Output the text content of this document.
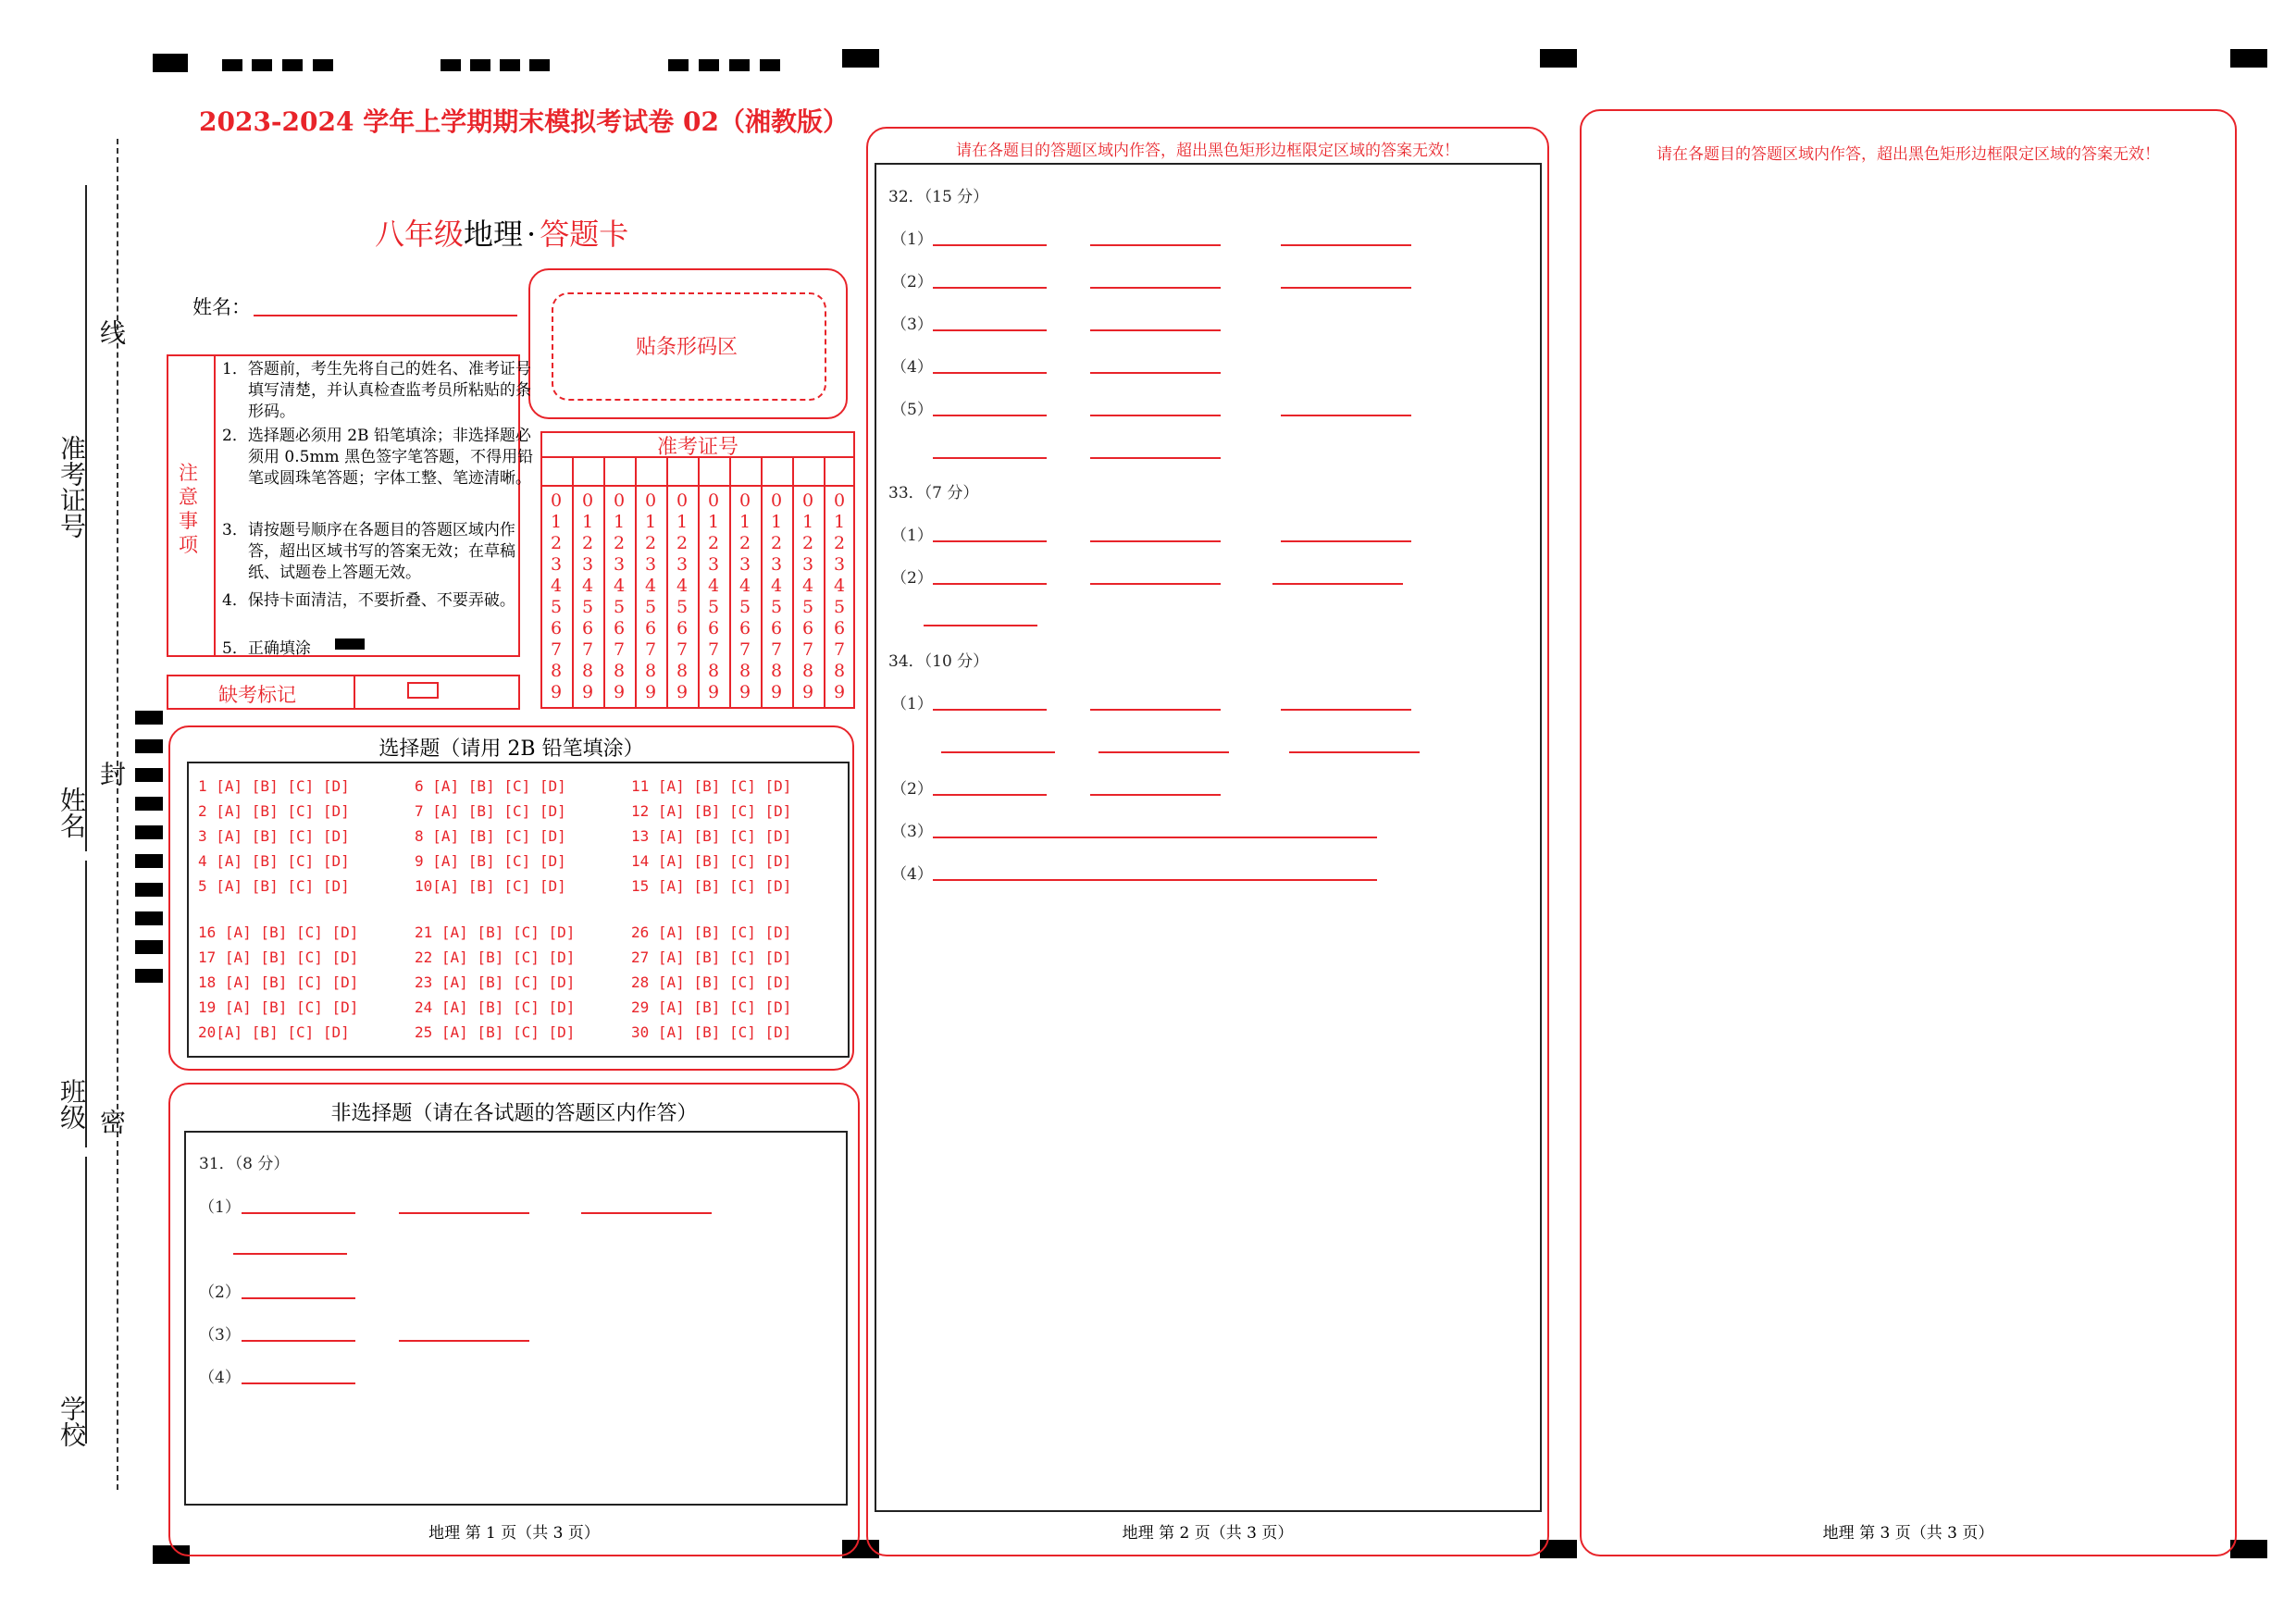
线
封
密
准考证号
姓名
班级
学校
2023-2024 学年上学期期末模拟考试卷 02（湘教版）
八年级地理 · 答题卡
姓名：
贴条形码区
注意事项
1．答题前，考生先将自己的姓名、准考证号填写清楚，并认真检查监考员所粘贴的条形码。
2．选择题必须用 2B 铅笔填涂；非选择题必须用 0.5mm 黑色签字笔答题，不得用铅笔或圆珠笔答题；字体工整、笔迹清晰。
3．请按题号顺序在各题目的答题区域内作答，超出区域书写的答案无效；在草稿纸、试题卷上答题无效。
4．保持卡面清洁，不要折叠、不要弄破。
5．正确填涂
缺考标记
准考证号
0
1
2
3
4
5
6
7
8
9
0
1
2
3
4
5
6
7
8
9
0
1
2
3
4
5
6
7
8
9
0
1
2
3
4
5
6
7
8
9
0
1
2
3
4
5
6
7
8
9
0
1
2
3
4
5
6
7
8
9
0
1
2
3
4
5
6
7
8
9
0
1
2
3
4
5
6
7
8
9
0
1
2
3
4
5
6
7
8
9
0
1
2
3
4
5
6
7
8
9
选择题（请用 2B 铅笔填涂）
1 [A] [B] [C] [D]
2 [A] [B] [C] [D]
3 [A] [B] [C] [D]
4 [A] [B] [C] [D]
5 [A] [B] [C] [D]
6 [A] [B] [C] [D]
7 [A] [B] [C] [D]
8 [A] [B] [C] [D]
9 [A] [B] [C] [D]
10[A] [B] [C] [D]
11 [A] [B] [C] [D]
12 [A] [B] [C] [D]
13 [A] [B] [C] [D]
14 [A] [B] [C] [D]
15 [A] [B] [C] [D]
16 [A] [B] [C] [D]
17 [A] [B] [C] [D]
18 [A] [B] [C] [D]
19 [A] [B] [C] [D]
20[A] [B] [C] [D]
21 [A] [B] [C] [D]
22 [A] [B] [C] [D]
23 [A] [B] [C] [D]
24 [A] [B] [C] [D]
25 [A] [B] [C] [D]
26 [A] [B] [C] [D]
27 [A] [B] [C] [D]
28 [A] [B] [C] [D]
29 [A] [B] [C] [D]
30 [A] [B] [C] [D]
非选择题（请在各试题的答题区内作答）
31．（8 分）
（1）
（2）
（3）
（4）
地理 第 1 页（共 3 页）
请在各题目的答题区域内作答，超出黑色矩形边框限定区域的答案无效！
32．（15 分）
（1）
（2）
（3）
（4）
（5）
33．（7 分）
（1）
（2）
34．（10 分）
（1）
（2）
（3）
（4）
地理 第 2 页（共 3 页）
请在各题目的答题区域内作答，超出黑色矩形边框限定区域的答案无效！
地理 第 3 页（共 3 页）
